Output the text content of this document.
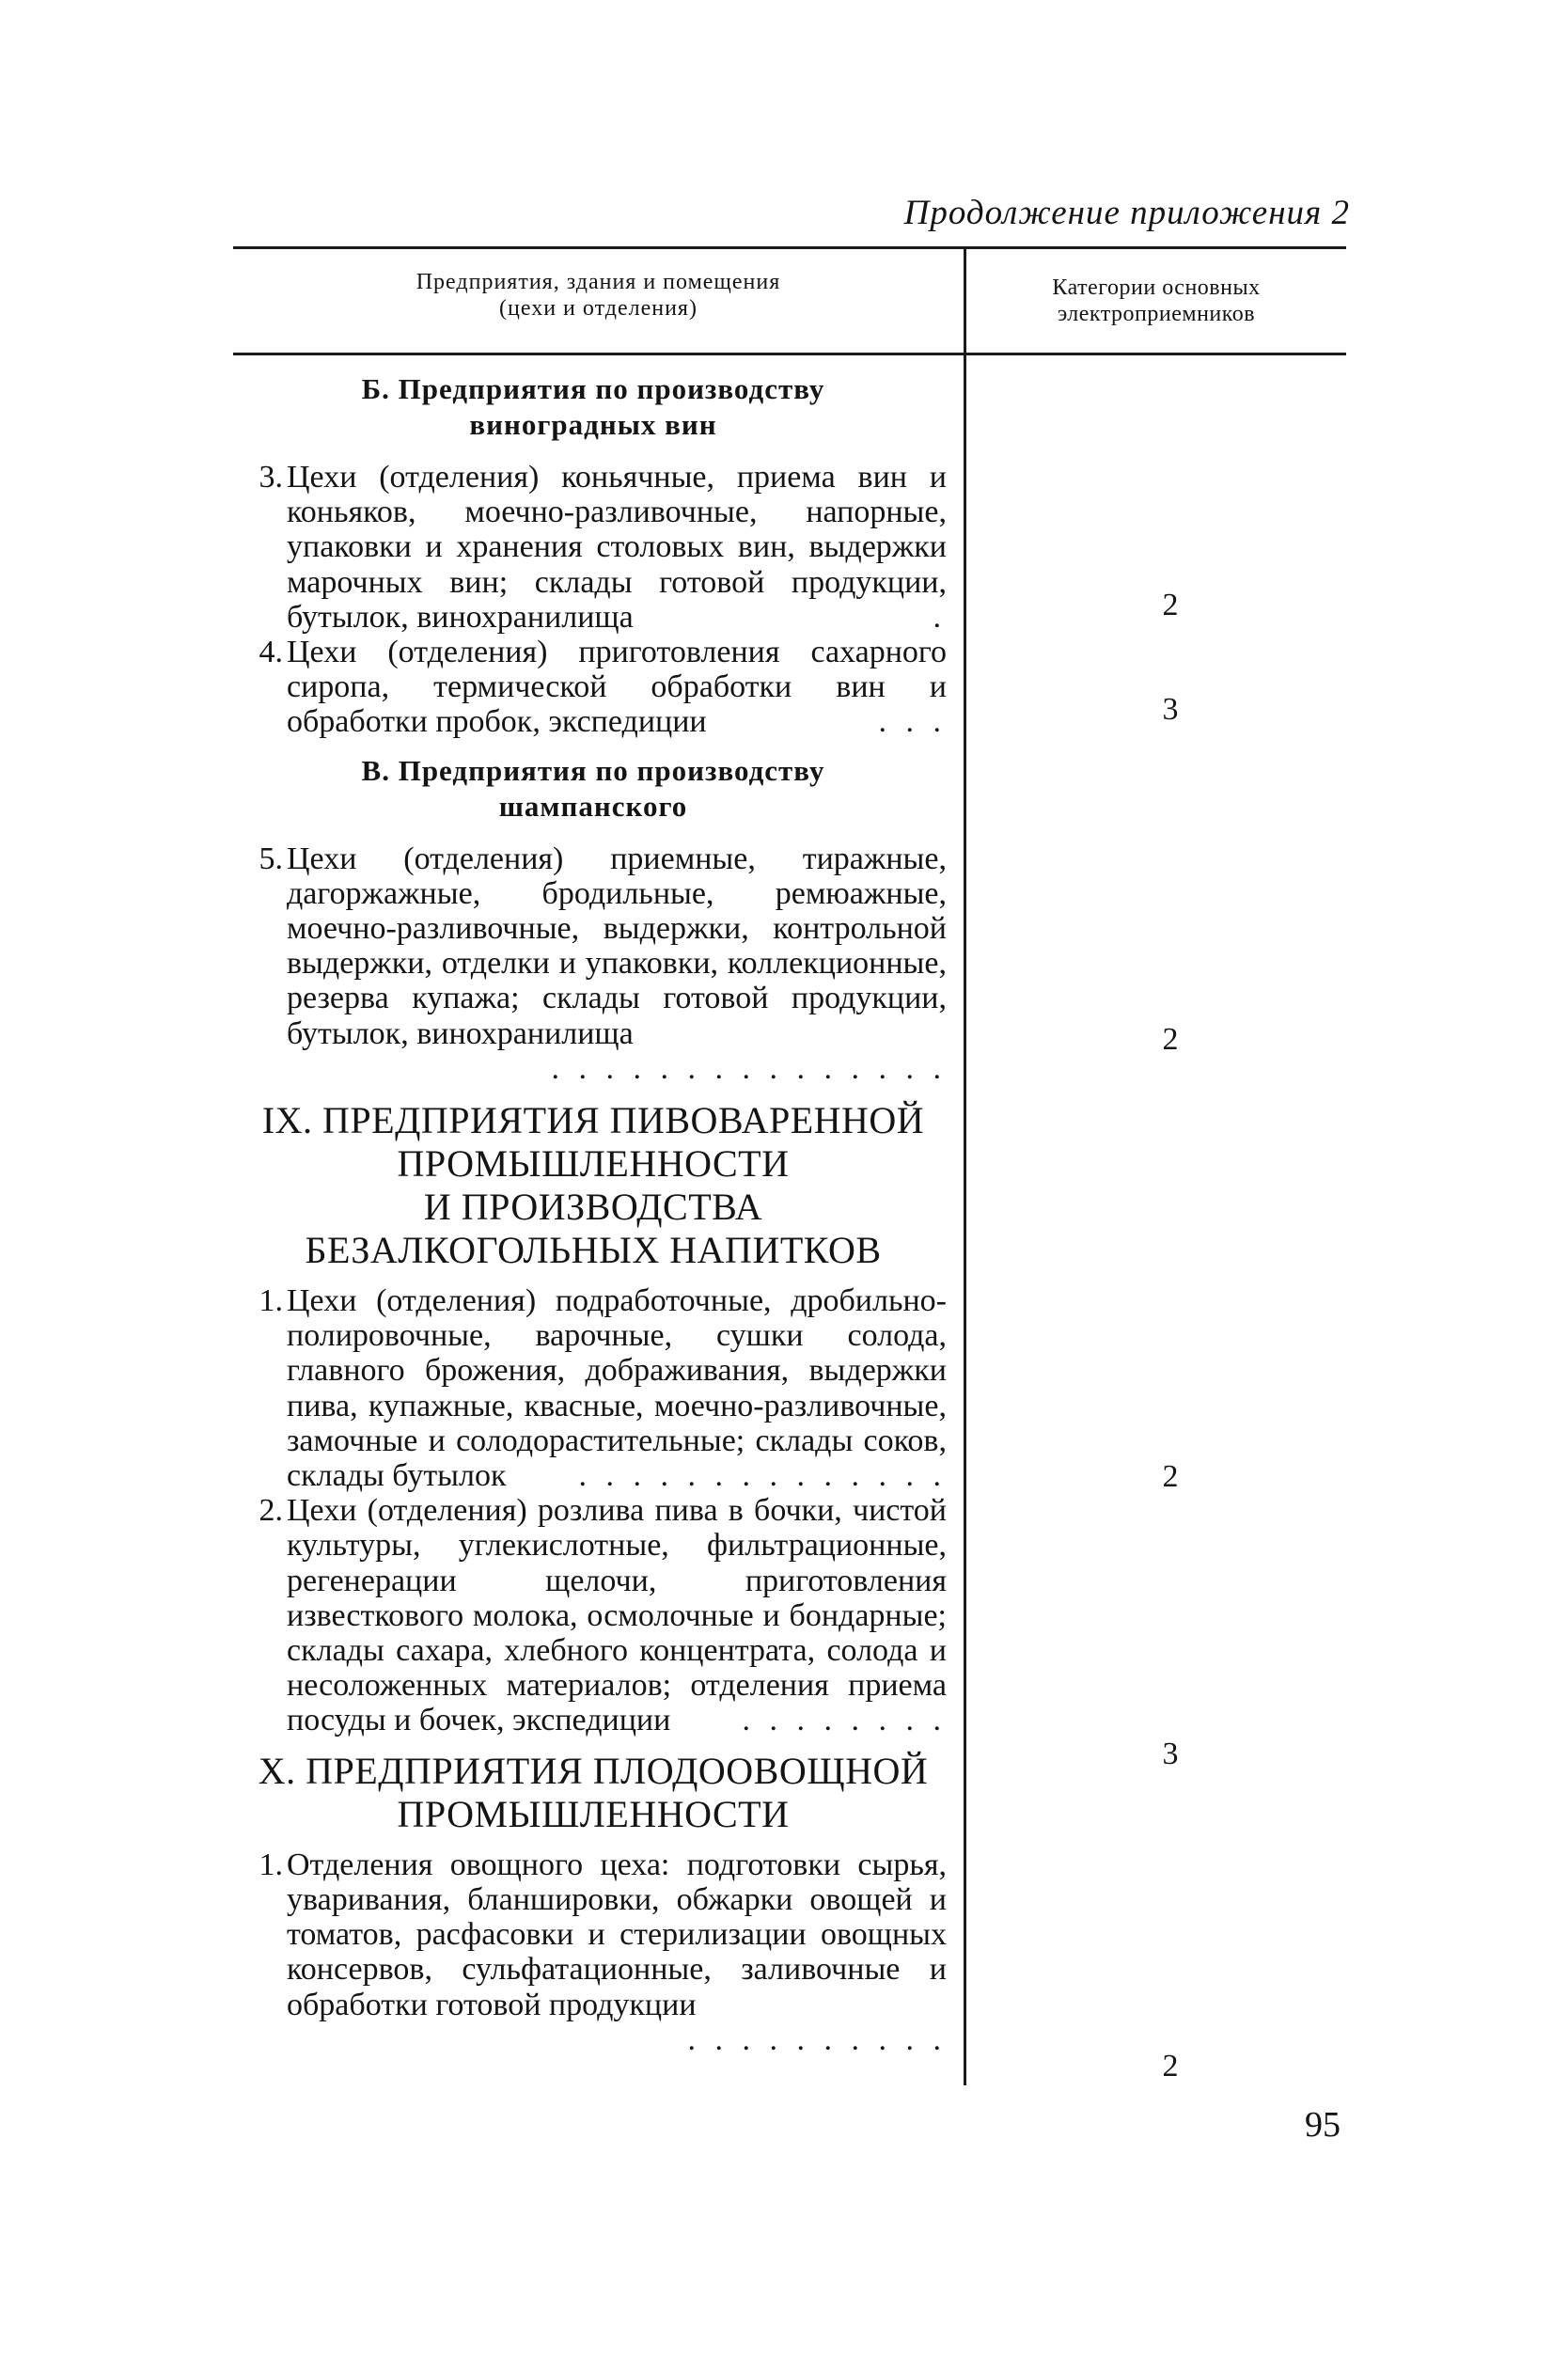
Продолжение приложения 2
Предприятия, здания и помещения
(цехи и отделения)
Категории основных
электроприемников
Б. Предприятия по производству
виноградных вин
3. Цехи (отделения) коньячные, приема вин и коньяков, моечно-разливочные, напорные, упаковки и хранения столовых вин, выдержки марочных вин; склады готовой продукции, бутылок, винохранилища	.
4. Цехи (отделения) приготовления сахарного сиропа, термической обработки вин и обработки пробок, экспедиции	. . .
В. Предприятия по производству
шампанского
5. Цехи (отделения) приемные, тиражные, дагоржажные, бродильные, ремюажные, моечно-разливочные, выдержки, контрольной выдержки, отделки и упаковки, коллекционные, резерва купажа; склады готовой продукции, бутылок, винохранилища
. . . . . . . . . . . . . . .
IX. ПРЕДПРИЯТИЯ ПИВОВАРЕННОЙ
ПРОМЫШЛЕННОСТИ
И ПРОИЗВОДСТВА
БЕЗАЛКОГОЛЬНЫХ НАПИТКОВ
1. Цехи (отделения) подработочные, дробильно-полировочные, варочные, сушки солода, главного брожения, дображивания, выдержки пива, купажные, квасные, моечно-разливочные, замочные и солодорастительные; склады соков, склады бутылок . . . . . . . . . . . . . .
2. Цехи (отделения) розлива пива в бочки, чистой культуры, углекислотные, фильтрационные, регенерации щелочи, приготовления известкового молока, осмолочные и бондарные; склады сахара, хлебного концентрата, солода и несоложенных материалов; отделения приема посуды и бочек, экспедиции . . . . . . . .
X. ПРЕДПРИЯТИЯ ПЛОДООВОЩНОЙ
ПРОМЫШЛЕННОСТИ
1. Отделения овощного цеха: подготовки сырья, уваривания, бланшировки, обжарки овощей и томатов, расфасовки и стерилизации овощных консервов, сульфатационные, заливочные и обработки готовой продукции
. . . . . . . . . .
2
3
2
2
3
2
95
